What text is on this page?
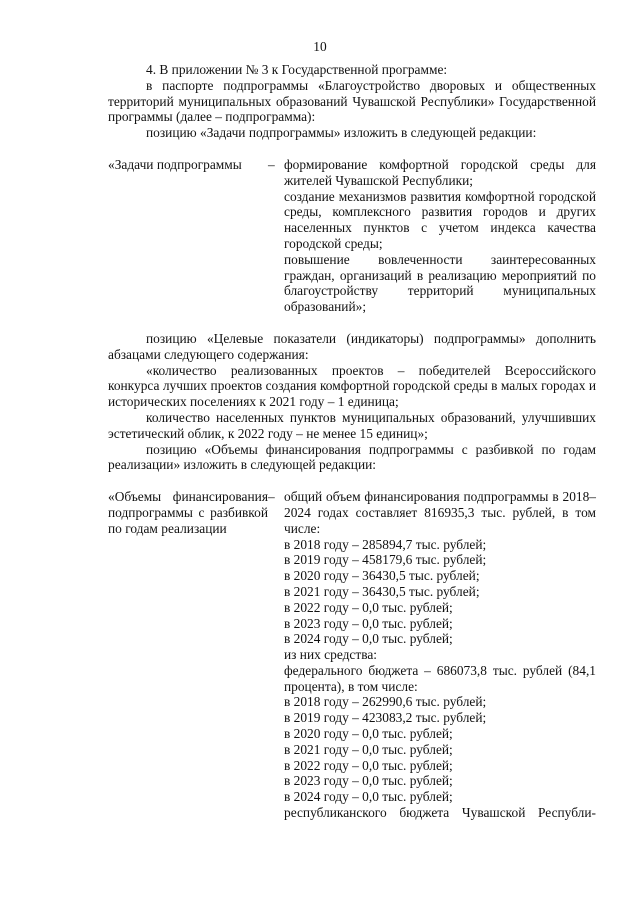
10

4. В приложении № 3 к Государственной программе:

в паспорте подпрограммы «Благоустройство дворовых и общественных территорий муниципальных образований Чувашской Республики» Государственной программы (далее – подпрограмма):

позицию «Задачи подпрограммы» изложить в следующей редакции:

«Задачи подпрограммы	– формирование комфортной городской среды для жителей Чувашской Республики;

создание механизмов развития комфортной городской среды, комплексного развития городов и других населенных пунктов с учетом индекса качества городской среды;

повышение вовлеченности заинтересованных граждан, организаций в реализацию мероприятий по благоустройству территорий муниципальных образований»;

позицию «Целевые показатели (индикаторы) подпрограммы» дополнить абзацами следующего содержания:

«количество реализованных проектов – победителей Всероссийского конкурса лучших проектов создания комфортной городской среды в малых городах и исторических поселениях к 2021 году – 1 единица;

количество населенных пунктов муниципальных образований, улучшивших эстетический облик, к 2022 году – не менее 15 единиц»;

позицию «Объемы финансирования подпрограммы с разбивкой по годам реализации» изложить в следующей редакции:

«Объемы финансирования подпрограммы с разбивкой по годам реализации
– общий объем финансирования подпрограммы в 2018–2024 годах составляет 816935,3 тыс. рублей, в том числе:

в 2018 году – 285894,7 тыс. рублей;

в 2019 году – 458179,6 тыс. рублей;

в 2020 году – 36430,5 тыс. рублей;

в 2021 году – 36430,5 тыс. рублей;

в 2022 году – 0,0 тыс. рублей;

в 2023 году – 0,0 тыс. рублей;

в 2024 году – 0,0 тыс. рублей;

из них средства:

федерального бюджета – 686073,8 тыс. рублей (84,1 процента), в том числе:

в 2018 году – 262990,6 тыс. рублей;

в 2019 году – 423083,2 тыс. рублей;

в 2020 году – 0,0 тыс. рублей;

в 2021 году – 0,0 тыс. рублей;

в 2022 году – 0,0 тыс. рублей;

в 2023 году – 0,0 тыс. рублей;

в 2024 году – 0,0 тыс. рублей;

республиканского бюджета Чувашской Республи-
